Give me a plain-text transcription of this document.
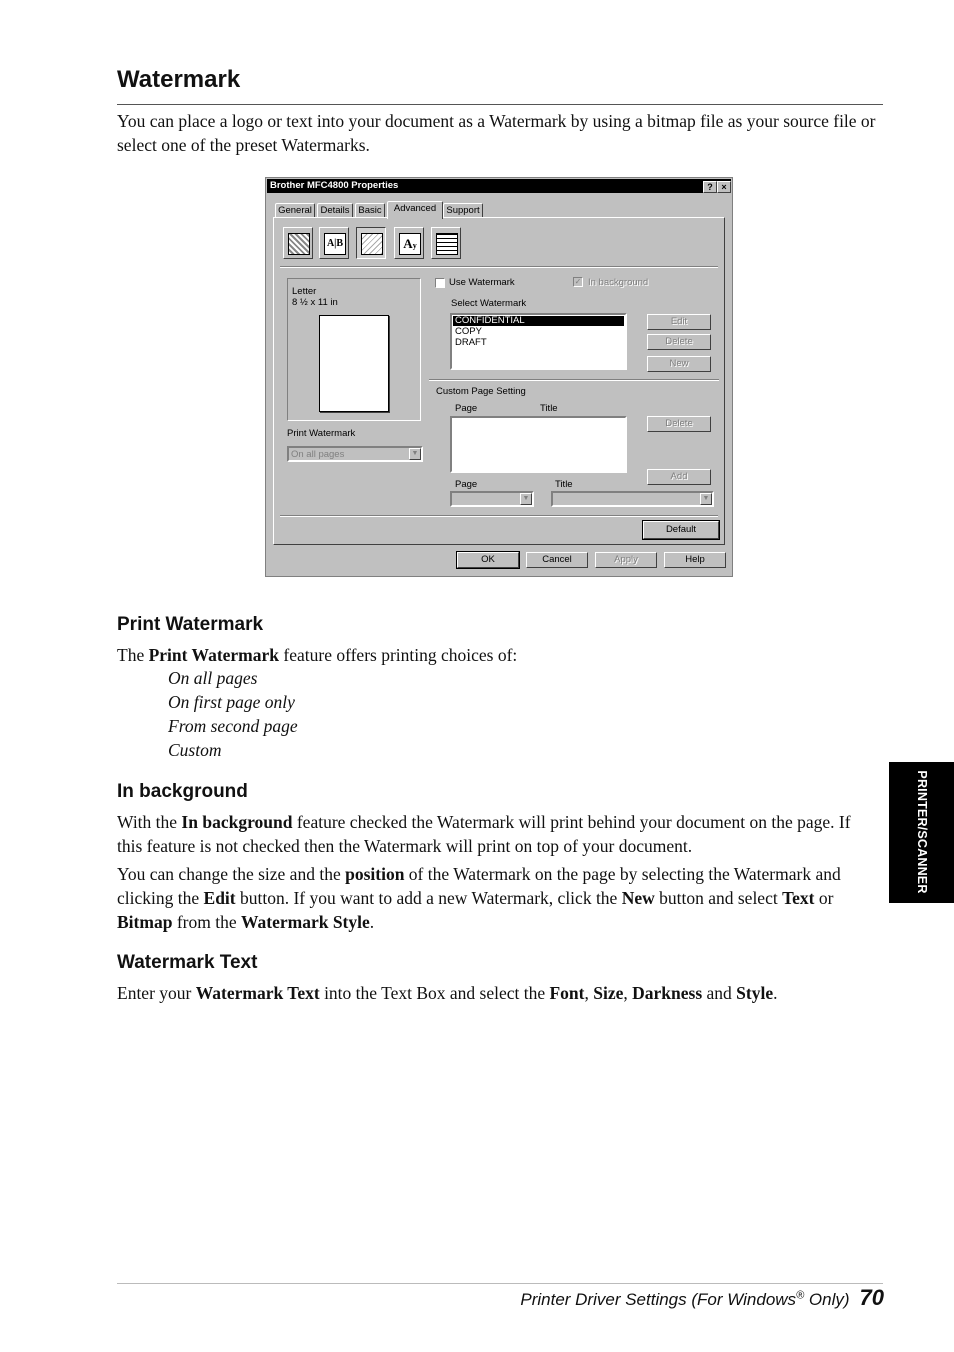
Watermark

You can place a logo or text into your document as a Watermark by using a bitmap file as your source file or select one of the preset Watermarks.

Brother MFC4800 Properties	? ×
General Details Basic	Advanced	Support
A|B	Ay
Letter
8 ½ x 11 in
Print Watermark
On all pages	▼
Use Watermark	✓ In background
Select Watermark
CONFIDENTIAL
COPY
DRAFT
Edit
Delete
New
Custom Page Setting
Page	Title
Delete
Add
Page	Title
▼	▼
Default
OK	Cancel	Apply	Help
Print Watermark

The Print Watermark feature offers printing choices of:

On all pages
On first page only
From second page
Custom
In background

With the In background feature checked the Watermark will print behind your document on the page. If this feature is not checked then the Watermark will print on top of your document.

You can change the size and the position of the Watermark on the page by selecting the Watermark and clicking the Edit button. If you want to add a new Watermark, click the New button and select Text or Bitmap from the Watermark Style.

Watermark Text

Enter your Watermark Text into the Text Box and select the Font, Size, Darkness and Style.

PRINTER/SCANNER
Printer Driver Settings (For Windows® Only) 70
